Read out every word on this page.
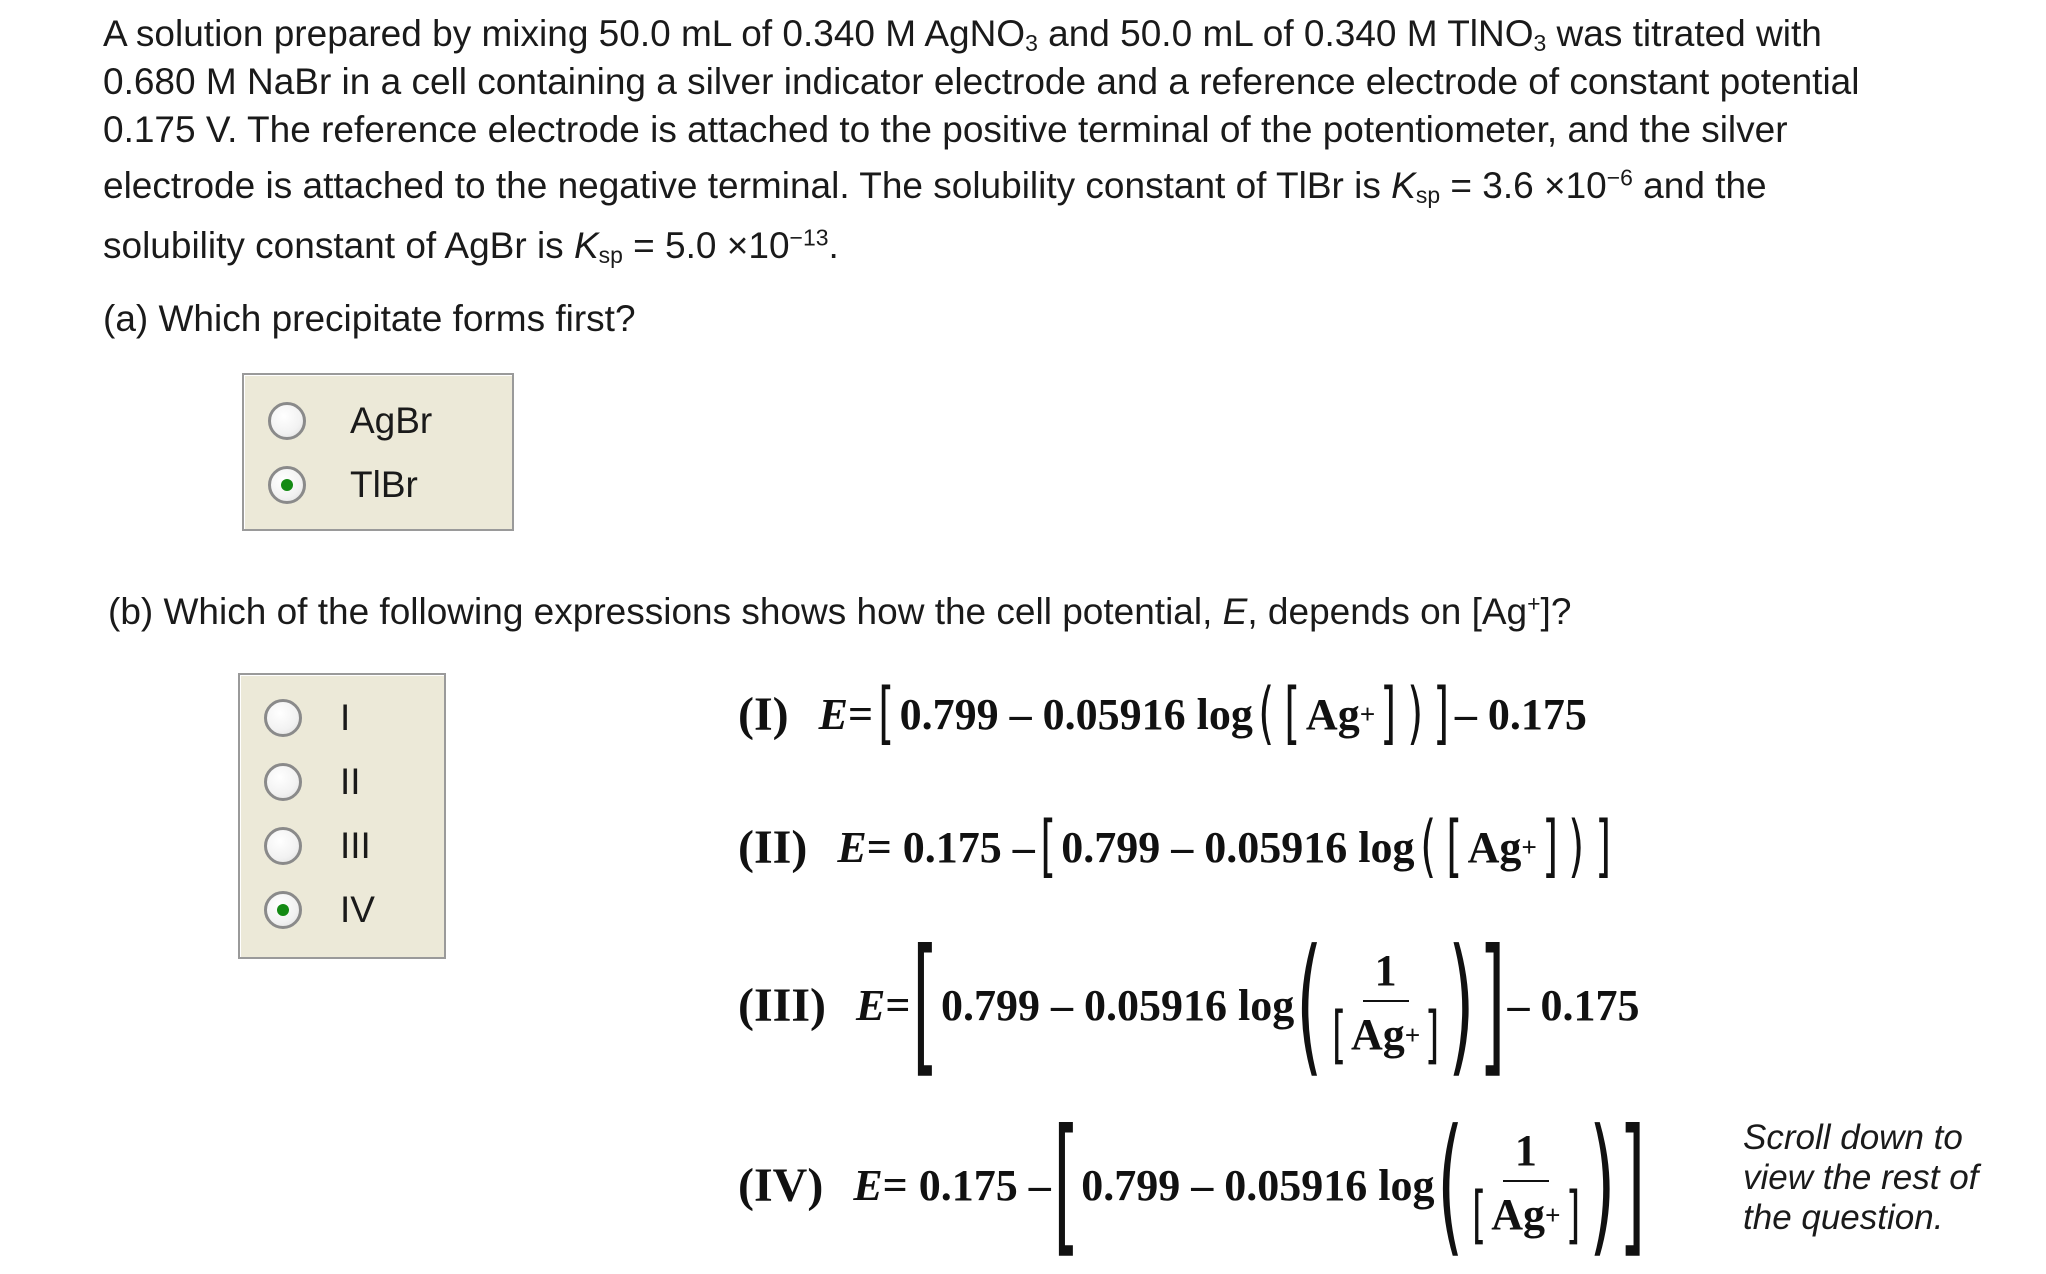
A solution prepared by mixing 50.0 mL of 0.340 M AgNO$_3$ and 50.0 mL of 0.340 M TlNO$_3$ was titrated with

0.680 M NaBr in a cell containing a silver indicator electrode and a reference electrode of constant potential

0.175 V. The reference electrode is attached to the positive terminal of the potentiometer, and the silver

electrode is attached to the negative terminal. The solubility constant of TlBr is $K_{sp} = 3.6 \times 10^{-6}$ and the

solubility constant of AgBr is $K_{sp} = 5.0 \times 10^{-13}$.

(a) Which precipitate forms first?
AgBr
TlBr
(b) Which of the following expressions shows how the cell potential, E, depends on [Ag+]?
I
II
III
IV
(I) E = [ 0.799 – 0.05916 log ( [ Ag + ] ) ] – 0.175
(II) E = 0.175 – [ 0.799 – 0.05916 log ( [ Ag + ] ) ]
(III) E = [ 0.799 – 0.05916 log ( $\frac{1}{[ Ag + ]}$ ) ] – 0.175
(IV) E = 0.175 – [ 0.799 – 0.05916 log ( $\frac{1}{[ Ag + ]}$ ) ]	Scroll down to view the rest of the question.
